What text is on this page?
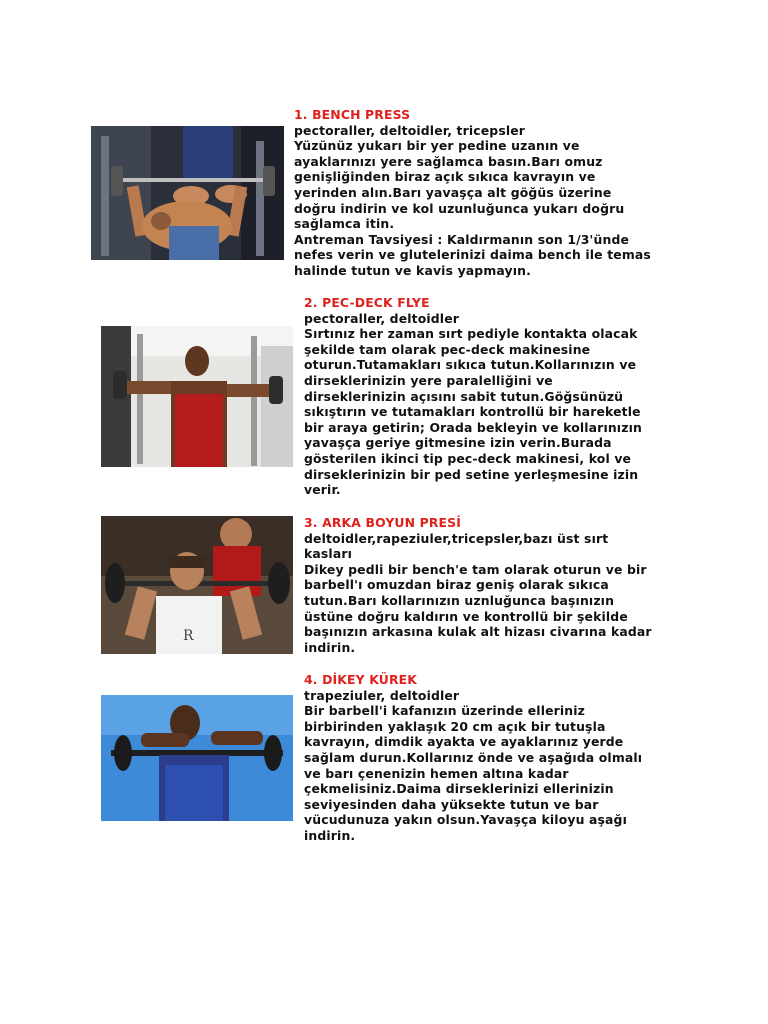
1. BENCH PRESS
pectoraller, deltoidler, tricepsler
Yüzünüz yukarı bir yer pedine uzanın ve
ayaklarınızı yere sağlamca basın.Barı omuz
genişliğinden biraz açık sıkıca kavrayın ve
yerinden alın.Barı yavaşça alt göğüs üzerine
doğru indirin ve kol uzunluğunca yukarı doğru
sağlamca itin.
Antreman Tavsiyesi : Kaldırmanın son 1/3'ünde
nefes verin ve glutelerinizi daima bench ile temas
halinde tutun ve kavis yapmayın.
2. PEC-DECK FLYE
pectoraller, deltoidler
Sırtınız her zaman sırt pediyle kontakta olacak
şekilde tam olarak pec-deck makinesine
oturun.Tutamakları sıkıca tutun.Kollarınızın ve
dirseklerinizin yere paralelliğini ve
dirseklerinizin açısını sabit tutun.Göğsünüzü
sıkıştırın ve tutamakları kontrollü bir hareketle
bir araya getirin; Orada bekleyin ve kollarınızın
yavaşça geriye gitmesine izin verin.Burada
gösterilen ikinci tip pec-deck makinesi, kol ve
dirseklerinizin bir ped setine yerleşmesine izin
verir.
R
3. ARKA BOYUN PRESİ
deltoidler,rapeziuler,tricepsler,bazı üst sırt
kasları
Dikey pedli bir bench'e tam olarak oturun ve bir
barbell'ı omuzdan biraz geniş olarak sıkıca
tutun.Barı kollarınızın uznluğunca başınızın
üstüne doğru kaldırın ve kontrollü bir şekilde
başınızın arkasına kulak alt hizası civarına kadar
indirin.
4. DİKEY KÜREK
trapeziuler, deltoidler
Bir barbell'i kafanızın üzerinde elleriniz
birbirinden yaklaşık 20 cm açık bir tutuşla
kavrayın, dimdik ayakta ve ayaklarınız yerde
sağlam durun.Kollarınız önde ve aşağıda olmalı
ve barı çenenizin hemen altına kadar
çekmelisiniz.Daima dirseklerinizi ellerinizin
seviyesinden daha yüksekte tutun ve bar
vücudunuza yakın olsun.Yavaşça kiloyu aşağı
indirin.
